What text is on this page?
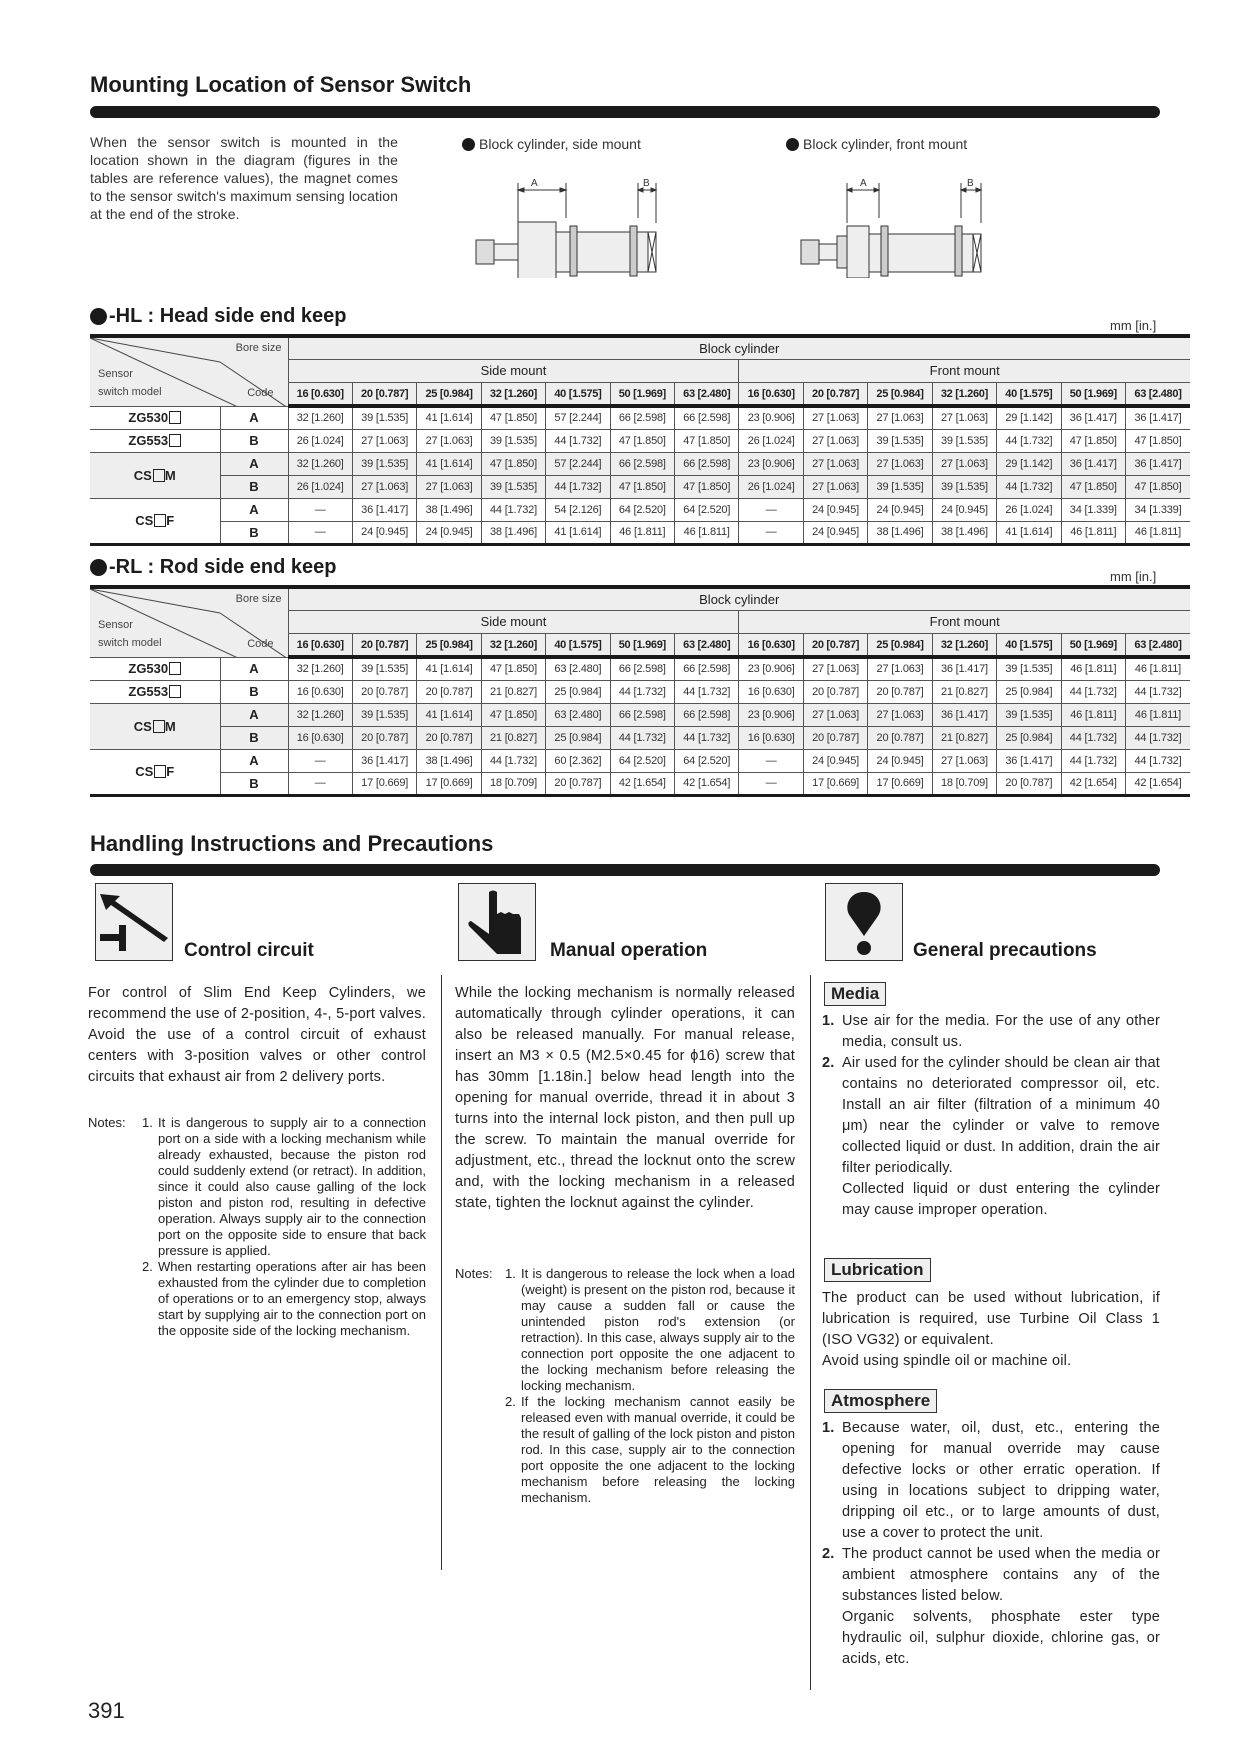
Mounting Location of Sensor Switch
When the sensor switch is mounted in the location shown in the diagram (figures in the tables are reference values), the magnet comes to the sensor switch's maximum sensing location at the end of the stroke.
Block cylinder, side mount	Block cylinder, front mount
A	B	A	B
-HL : Head side end keep	mm [in.]
Bore size
Sensor
switch model Code		Block cylinder													
		Side mount							Front mount						
		16 [0.630]	20 [0.787]	25 [0.984]	32 [1.260]	40 [1.575]	50 [1.969]	63 [2.480]	16 [0.630]	20 [0.787]	25 [0.984]	32 [1.260]	40 [1.575]	50 [1.969]	63 [2.480]
ZG530	A	32 [1.260]	39 [1.535]	41 [1.614]	47 [1.850]	57 [2.244]	66 [2.598]	66 [2.598]	23 [0.906]	27 [1.063]	27 [1.063]	27 [1.063]	29 [1.142]	36 [1.417]	36 [1.417]
ZG553	B	26 [1.024]	27 [1.063]	27 [1.063]	39 [1.535]	44 [1.732]	47 [1.850]	47 [1.850]	26 [1.024]	27 [1.063]	39 [1.535]	39 [1.535]	44 [1.732]	47 [1.850]	47 [1.850]
CS M	A	32 [1.260]	39 [1.535]	41 [1.614]	47 [1.850]	57 [2.244]	66 [2.598]	66 [2.598]	23 [0.906]	27 [1.063]	27 [1.063]	27 [1.063]	29 [1.142]	36 [1.417]	36 [1.417]
	B	26 [1.024]	27 [1.063]	27 [1.063]	39 [1.535]	44 [1.732]	47 [1.850]	47 [1.850]	26 [1.024]	27 [1.063]	39 [1.535]	39 [1.535]	44 [1.732]	47 [1.850]	47 [1.850]
CS F	A	—	36 [1.417]	38 [1.496]	44 [1.732]	54 [2.126]	64 [2.520]	64 [2.520]	—	24 [0.945]	24 [0.945]	24 [0.945]	26 [1.024]	34 [1.339]	34 [1.339]
	B	—	24 [0.945]	24 [0.945]	38 [1.496]	41 [1.614]	46 [1.811]	46 [1.811]	—	24 [0.945]	38 [1.496]	38 [1.496]	41 [1.614]	46 [1.811]	46 [1.811]
-RL : Rod side end keep	mm [in.]
Bore size
Sensor
switch model Code		Block cylinder													
		Side mount							Front mount						
		16 [0.630]	20 [0.787]	25 [0.984]	32 [1.260]	40 [1.575]	50 [1.969]	63 [2.480]	16 [0.630]	20 [0.787]	25 [0.984]	32 [1.260]	40 [1.575]	50 [1.969]	63 [2.480]
ZG530	A	32 [1.260]	39 [1.535]	41 [1.614]	47 [1.850]	63 [2.480]	66 [2.598]	66 [2.598]	23 [0.906]	27 [1.063]	27 [1.063]	36 [1.417]	39 [1.535]	46 [1.811]	46 [1.811]
ZG553	B	16 [0.630]	20 [0.787]	20 [0.787]	21 [0.827]	25 [0.984]	44 [1.732]	44 [1.732]	16 [0.630]	20 [0.787]	20 [0.787]	21 [0.827]	25 [0.984]	44 [1.732]	44 [1.732]
CS M	A	32 [1.260]	39 [1.535]	41 [1.614]	47 [1.850]	63 [2.480]	66 [2.598]	66 [2.598]	23 [0.906]	27 [1.063]	27 [1.063]	36 [1.417]	39 [1.535]	46 [1.811]	46 [1.811]
	B	16 [0.630]	20 [0.787]	20 [0.787]	21 [0.827]	25 [0.984]	44 [1.732]	44 [1.732]	16 [0.630]	20 [0.787]	20 [0.787]	21 [0.827]	25 [0.984]	44 [1.732]	44 [1.732]
CS F	A	—	36 [1.417]	38 [1.496]	44 [1.732]	60 [2.362]	64 [2.520]	64 [2.520]	—	24 [0.945]	24 [0.945]	27 [1.063]	36 [1.417]	44 [1.732]	44 [1.732]
	B	—	17 [0.669]	17 [0.669]	18 [0.709]	20 [0.787]	42 [1.654]	42 [1.654]	—	17 [0.669]	17 [0.669]	18 [0.709]	20 [0.787]	42 [1.654]	42 [1.654]
Handling Instructions and Precautions
Control circuit
For control of Slim End Keep Cylinders, we recommend the use of 2-position, 4-, 5-port valves. Avoid the use of a control circuit of exhaust centers with 3-position valves or other control circuits that exhaust air from 2 delivery ports.
Notes:	1. It is dangerous to supply air to a connection port on a side with a locking mechanism while already exhausted, because the piston rod could suddenly extend (or retract). In addition, since it could also cause galling of the lock piston and piston rod, resulting in defective operation. Always supply air to the connection port on the opposite side to ensure that back pressure is applied.
2. When restarting operations after air has been exhausted from the cylinder due to completion of operations or to an emergency stop, always start by supplying air to the connection port on the opposite side of the locking mechanism.
Manual operation
While the locking mechanism is normally released automatically through cylinder operations, it can also be released manually. For manual release, insert an M3 × 0.5 (M2.5×0.45 for ϕ16) screw that has 30mm [1.18in.] below head length into the opening for manual override, thread it in about 3 turns into the internal lock piston, and then pull up the screw. To maintain the manual override for adjustment, etc., thread the locknut onto the screw and, with the locking mechanism in a released state, tighten the locknut against the cylinder.
Notes: 1. It is dangerous to release the lock when a load (weight) is present on the piston rod, because it may cause a sudden fall or cause the unintended piston rod's extension (or retraction). In this case, always supply air to the connection port opposite the one adjacent to the locking mechanism before releasing the locking mechanism.
2. If the locking mechanism cannot easily be released even with manual override, it could be the result of galling of the lock piston and piston rod. In this case, supply air to the connection port opposite the one adjacent to the locking mechanism before releasing the locking mechanism.
General precautions
Media
1. Use air for the media. For the use of any other media, consult us.
2. Air used for the cylinder should be clean air that contains no deteriorated compressor oil, etc. Install an air filter (filtration of a minimum 40 μm) near the cylinder or valve to remove collected liquid or dust. In addition, drain the air filter periodically.
Collected liquid or dust entering the cylinder may cause improper operation.
Lubrication
The product can be used without lubrication, if lubrication is required, use Turbine Oil Class 1 (ISO VG32) or equivalent.
Avoid using spindle oil or machine oil.
Atmosphere
1. Because water, oil, dust, etc., entering the opening for manual override may cause defective locks or other erratic operation. If using in locations subject to dripping water, dripping oil etc., or to large amounts of dust, use a cover to protect the unit.
2. The product cannot be used when the media or ambient atmosphere contains any of the substances listed below.
Organic solvents, phosphate ester type hydraulic oil, sulphur dioxide, chlorine gas, or acids, etc.
391
